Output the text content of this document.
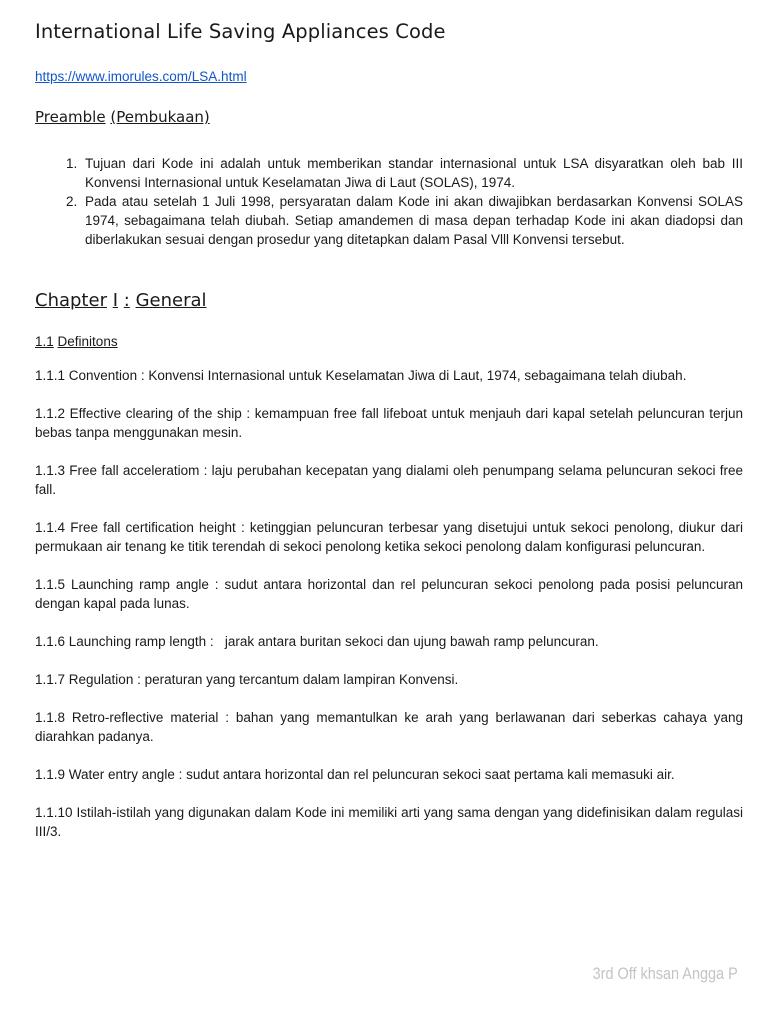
International Life Saving Appliances Code
https://www.imorules.com/LSA.html
Preamble (Pembukaan)
1. Tujuan dari Kode ini adalah untuk memberikan standar internasional untuk LSA disyaratkan oleh bab III Konvensi Internasional untuk Keselamatan Jiwa di Laut (SOLAS), 1974.
2. Pada atau setelah 1 Juli 1998, persyaratan dalam Kode ini akan diwajibkan berdasarkan Konvensi SOLAS 1974, sebagaimana telah diubah. Setiap amandemen di masa depan terhadap Kode ini akan diadopsi dan diberlakukan sesuai dengan prosedur yang ditetapkan dalam Pasal Vlll Konvensi tersebut.
Chapter I : General
1.1 Definitons

1.1.1 Convention : Konvensi Internasional untuk Keselamatan Jiwa di Laut, 1974, sebagaimana telah diubah.

1.1.2 Effective clearing of the ship : kemampuan free fall lifeboat untuk menjauh dari kapal setelah peluncuran terjun bebas tanpa menggunakan mesin.

1.1.3 Free fall acceleratiom : laju perubahan kecepatan yang dialami oleh penumpang selama peluncuran sekoci free fall.

1.1.4 Free fall certification height : ketinggian peluncuran terbesar yang disetujui untuk sekoci penolong, diukur dari permukaan air tenang ke titik terendah di sekoci penolong ketika sekoci penolong dalam konfigurasi peluncuran.

1.1.5 Launching ramp angle : sudut antara horizontal dan rel peluncuran sekoci penolong pada posisi peluncuran dengan kapal pada lunas.

1.1.6 Launching ramp length :   jarak antara buritan sekoci dan ujung bawah ramp peluncuran.

1.1.7 Regulation : peraturan yang tercantum dalam lampiran Konvensi.

1.1.8 Retro-reflective material : bahan yang memantulkan ke arah yang berlawanan dari seberkas cahaya yang diarahkan padanya.

1.1.9 Water entry angle : sudut antara horizontal dan rel peluncuran sekoci saat pertama kali memasuki air.

1.1.10 Istilah-istilah yang digunakan dalam Kode ini memiliki arti yang sama dengan yang didefinisikan dalam regulasi III/3.

3rd Off khsan Angga P
